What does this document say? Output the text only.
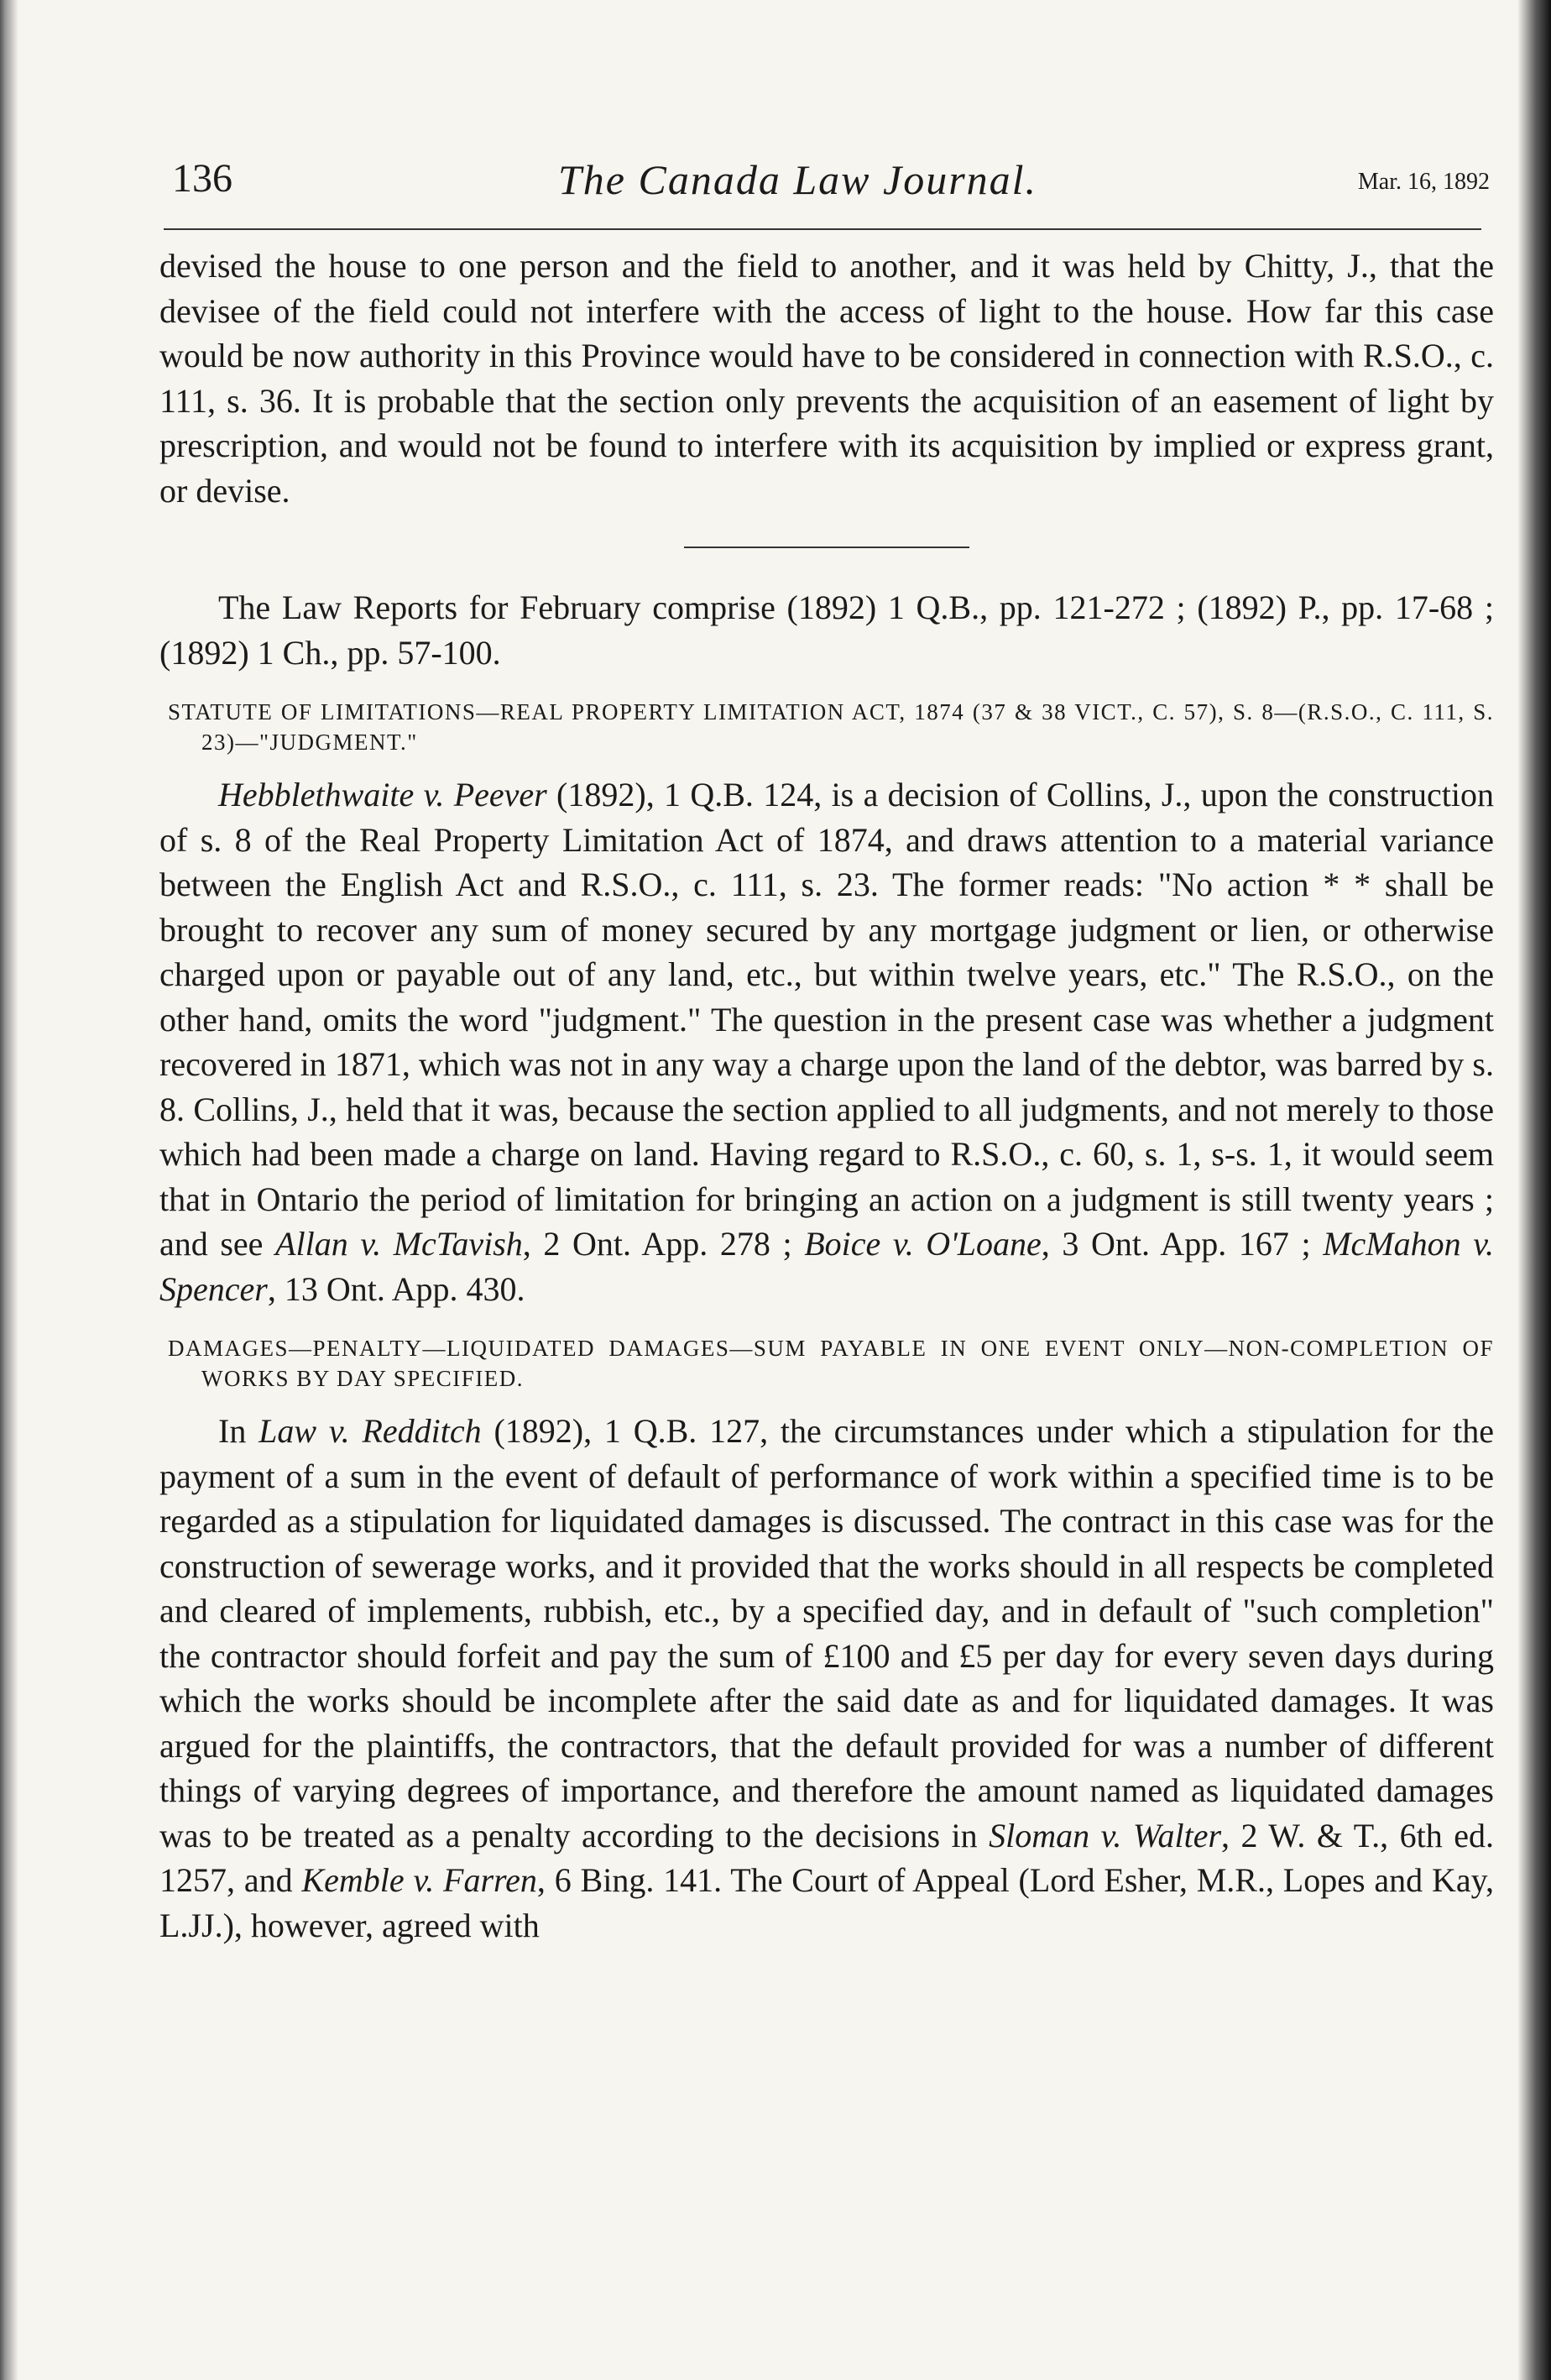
136	The Canada Law Journal.	Mar. 16, 1892

devised the house to one person and the field to another, and it was held by Chitty, J., that the devisee of the field could not interfere with the access of light to the house. How far this case would be now authority in this Province would have to be considered in connection with R.S.O., c. 111, s. 36. It is probable that the section only prevents the acquisition of an easement of light by prescription, and would not be found to interfere with its acquisition by implied or express grant, or devise.

The Law Reports for February comprise (1892) 1 Q.B., pp. 121-272 ; (1892) P., pp. 17-68 ; (1892) 1 Ch., pp. 57-100.

STATUTE OF LIMITATIONS—REAL PROPERTY LIMITATION ACT, 1874 (37 & 38 VICT., C. 57), S. 8—(R.S.O., C. 111, S. 23)—"JUDGMENT."

Hebblethwaite v. Peever (1892), 1 Q.B. 124, is a decision of Collins, J., upon the construction of s. 8 of the Real Property Limitation Act of 1874, and draws attention to a material variance between the English Act and R.S.O., c. 111, s. 23. The former reads: "No action * * shall be brought to recover any sum of money secured by any mortgage judgment or lien, or otherwise charged upon or payable out of any land, etc., but within twelve years, etc." The R.S.O., on the other hand, omits the word "judgment." The question in the present case was whether a judgment recovered in 1871, which was not in any way a charge upon the land of the debtor, was barred by s. 8. Collins, J., held that it was, because the section applied to all judgments, and not merely to those which had been made a charge on land. Having regard to R.S.O., c. 60, s. 1, s-s. 1, it would seem that in Ontario the period of limitation for bringing an action on a judgment is still twenty years ; and see Allan v. McTavish, 2 Ont. App. 278 ; Boice v. O'Loane, 3 Ont. App. 167 ; McMahon v. Spencer, 13 Ont. App. 430.

DAMAGES—PENALTY—LIQUIDATED DAMAGES—SUM PAYABLE IN ONE EVENT ONLY—NON-COMPLETION OF WORKS BY DAY SPECIFIED.

In Law v. Redditch (1892), 1 Q.B. 127, the circumstances under which a stipulation for the payment of a sum in the event of default of performance of work within a specified time is to be regarded as a stipulation for liquidated damages is discussed. The contract in this case was for the construction of sewerage works, and it provided that the works should in all respects be completed and cleared of implements, rubbish, etc., by a specified day, and in default of "such completion" the contractor should forfeit and pay the sum of £100 and £5 per day for every seven days during which the works should be incomplete after the said date as and for liquidated damages. It was argued for the plaintiffs, the contractors, that the default provided for was a number of different things of varying degrees of importance, and therefore the amount named as liquidated damages was to be treated as a penalty according to the decisions in Sloman v. Walter, 2 W. & T., 6th ed. 1257, and Kemble v. Farren, 6 Bing. 141. The Court of Appeal (Lord Esher, M.R., Lopes and Kay, L.JJ.), however, agreed with
